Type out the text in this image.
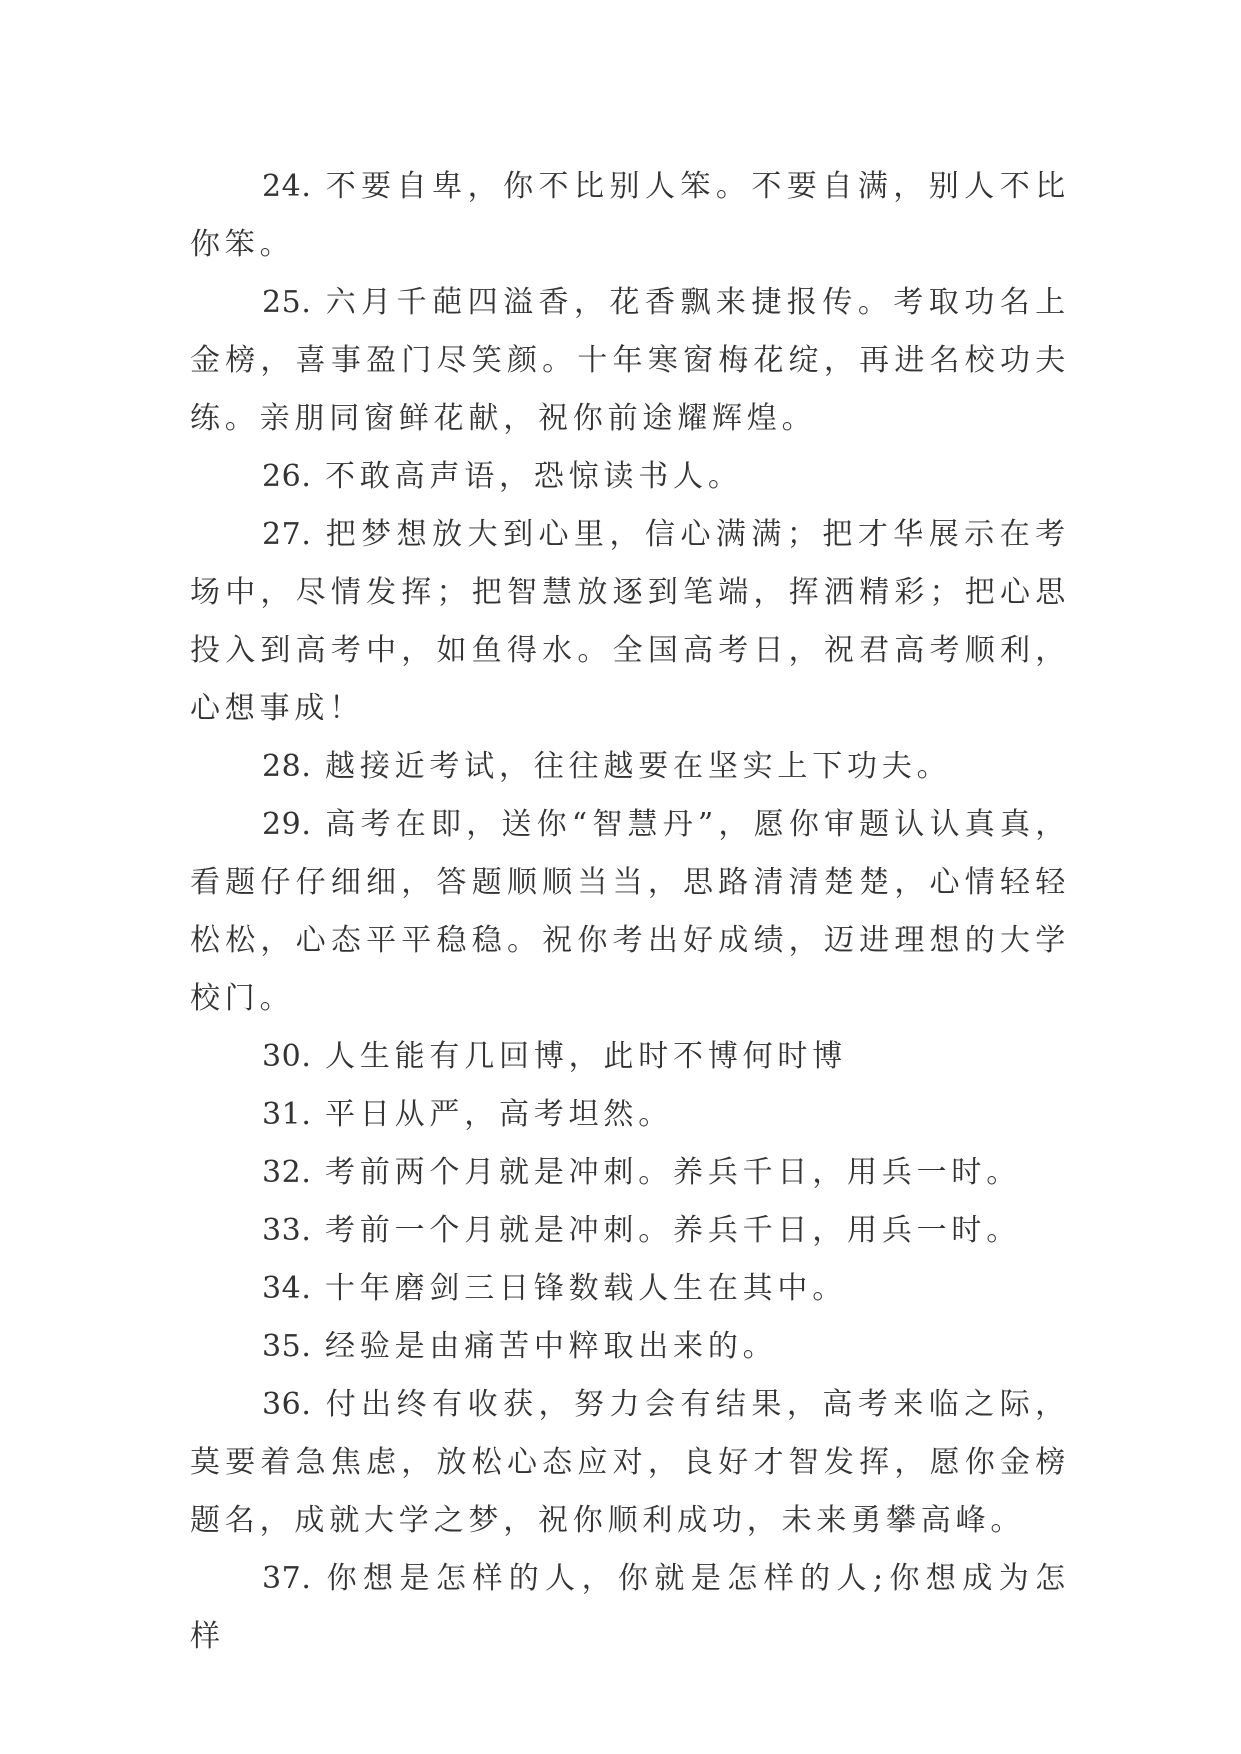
24. 不要自卑，你不比别人笨。不要自满，别人不比你笨。

25. 六月千葩四溢香，花香飘来捷报传。考取功名上金榜，喜事盈门尽笑颜。十年寒窗梅花绽，再进名校功夫练。亲朋同窗鲜花献，祝你前途耀辉煌。

26. 不敢高声语，恐惊读书人。

27. 把梦想放大到心里，信心满满；把才华展示在考场中，尽情发挥；把智慧放逐到笔端，挥洒精彩；把心思投入到高考中，如鱼得水。全国高考日，祝君高考顺利，心想事成！

28. 越接近考试，往往越要在坚实上下功夫。

29. 高考在即，送你“智慧丹”，愿你审题认认真真，看题仔仔细细，答题顺顺当当，思路清清楚楚，心情轻轻松松，心态平平稳稳。祝你考出好成绩，迈进理想的大学校门。

30. 人生能有几回博，此时不博何时博

31. 平日从严，高考坦然。

32. 考前两个月就是冲刺。养兵千日，用兵一时。

33. 考前一个月就是冲刺。养兵千日，用兵一时。

34. 十年磨剑三日锋数载人生在其中。

35. 经验是由痛苦中粹取出来的。

36. 付出终有收获，努力会有结果，高考来临之际，莫要着急焦虑，放松心态应对，良好才智发挥，愿你金榜题名，成就大学之梦，祝你顺利成功，未来勇攀高峰。

37. 你想是怎样的人，你就是怎样的人;你想成为怎样
